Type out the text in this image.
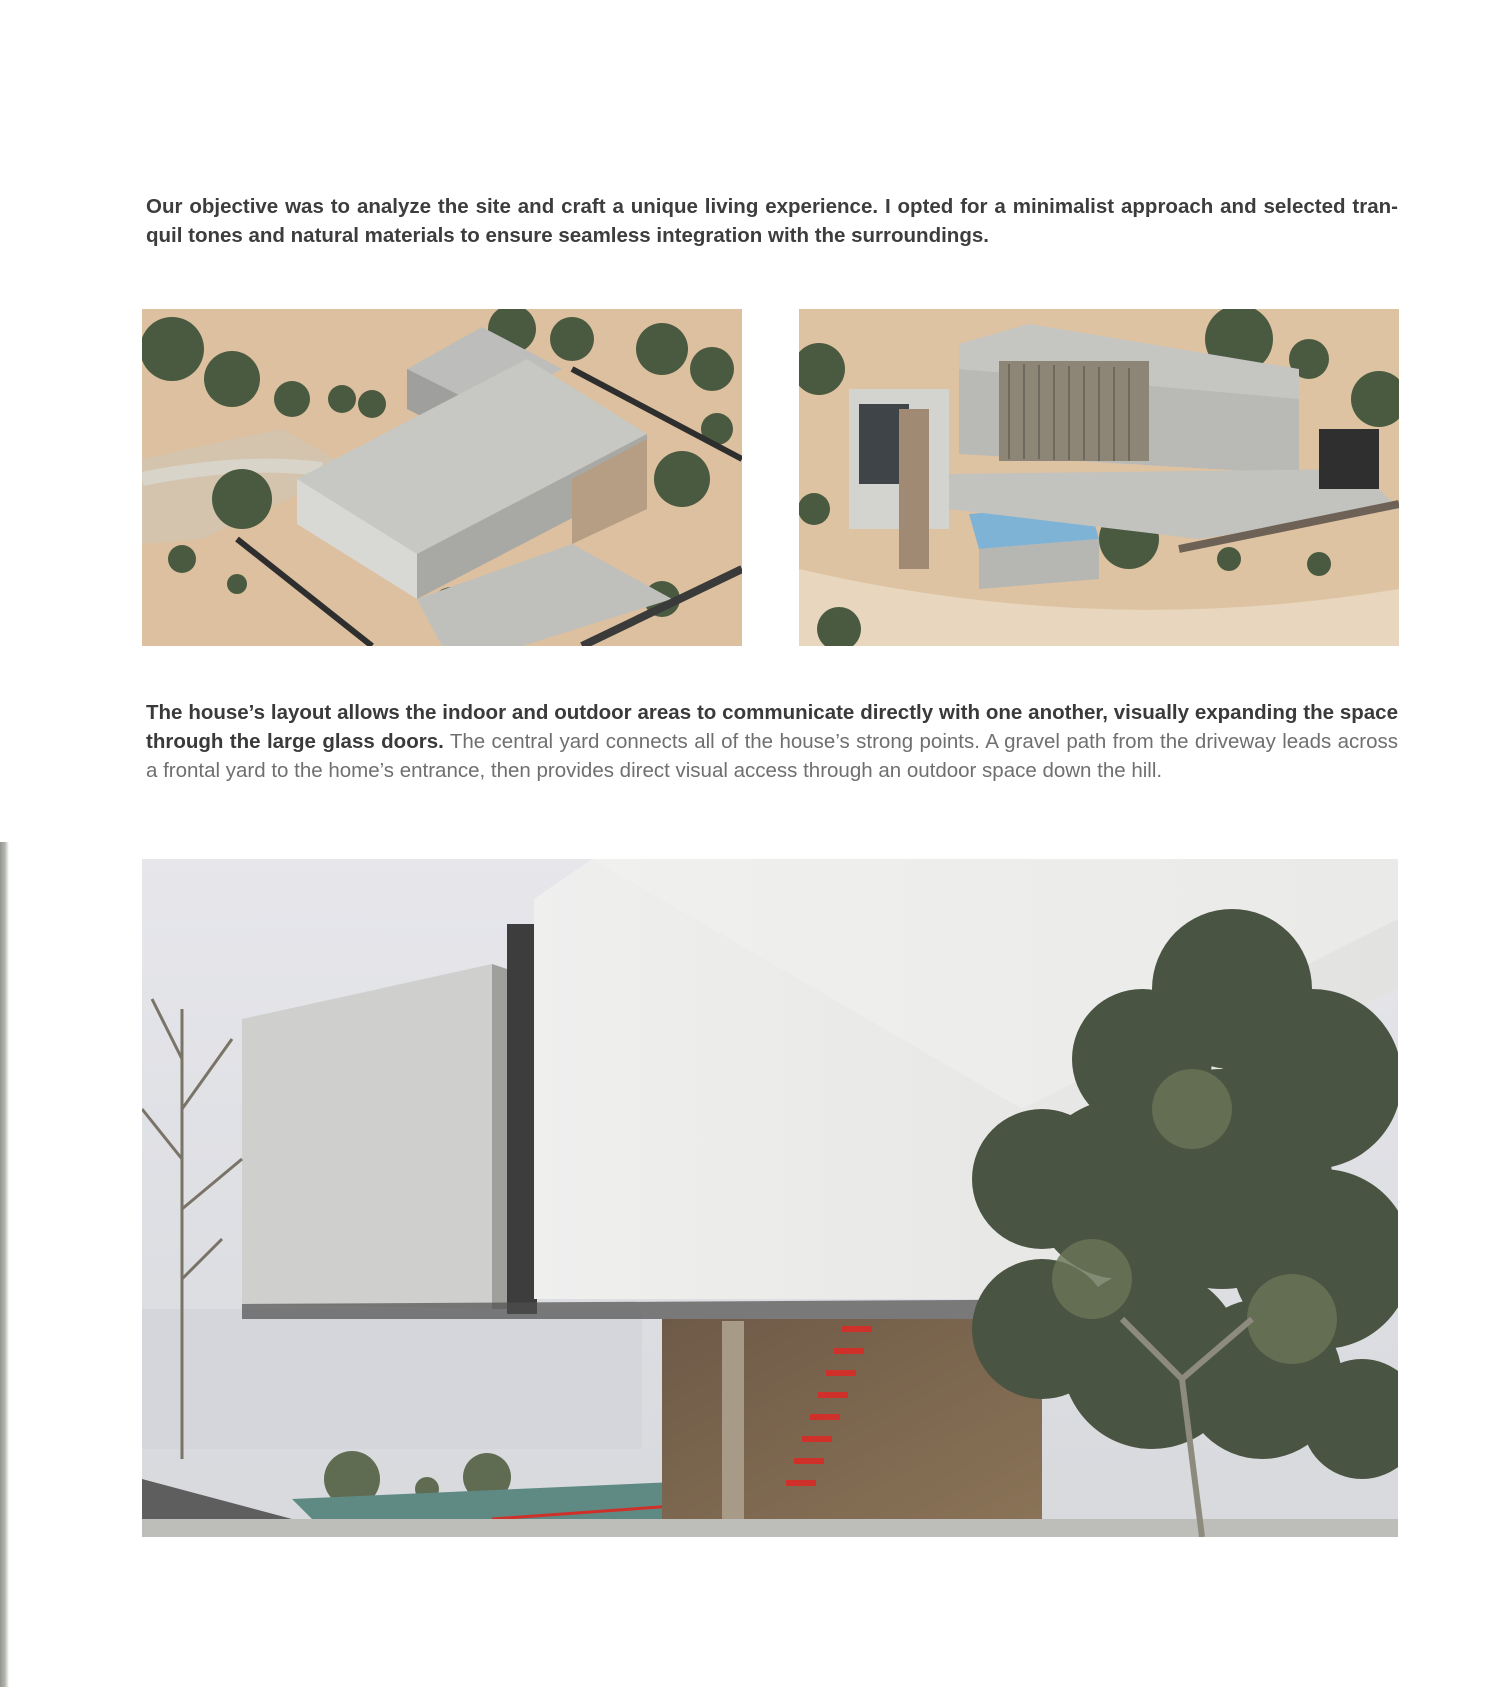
Our objective was to analyze the site and craft a unique living experience. I opted for a minimalist approach and selected tran-quil tones and natural materials to ensure seamless integration with the surroundings.

The house’s layout allows the indoor and outdoor areas to communicate directly with one another, visually expanding the space through the large glass doors. The central yard connects all of the house’s strong points. A gravel path from the driveway leads across a frontal yard to the home’s entrance, then provides direct visual access through an outdoor space down the hill.
